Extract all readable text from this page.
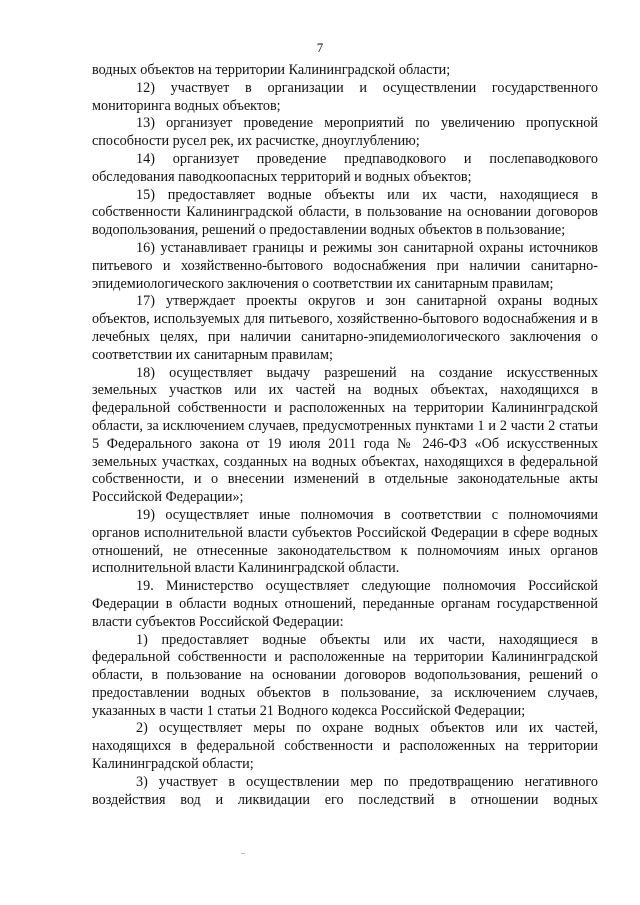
7

водных объектов на территории Калининградской области;

12) участвует в организации и осуществлении государственного мониторинга водных объектов;

13) организует проведение мероприятий по увеличению пропускной способности русел рек, их расчистке, дноуглублению;

14) организует проведение предпаводкового и послепаводкового обследования паводкоопасных территорий и водных объектов;

15) предоставляет водные объекты или их части, находящиеся в собственности Калининградской области, в пользование на основании договоров водопользования, решений о предоставлении водных объектов в пользование;

16) устанавливает границы и режимы зон санитарной охраны источников питьевого и хозяйственно-бытового водоснабжения при наличии санитарно-эпидемиологического заключения о соответствии их санитарным правилам;

17) утверждает проекты округов и зон санитарной охраны водных объектов, используемых для питьевого, хозяйственно-бытового водоснабжения и в лечебных целях, при наличии санитарно-эпидемиологического заключения о соответствии их санитарным правилам;

18) осуществляет выдачу разрешений на создание искусственных земельных участков или их частей на водных объектах, находящихся в федеральной собственности и расположенных на территории Калининградской области, за исключением случаев, предусмотренных пунктами 1 и 2 части 2 статьи 5 Федерального закона от 19 июля 2011 года № 246-ФЗ «Об искусственных земельных участках, созданных на водных объектах, находящихся в федеральной собственности, и о внесении изменений в отдельные законодательные акты Российской Федерации»;

19) осуществляет иные полномочия в соответствии с полномочиями органов исполнительной власти субъектов Российской Федерации в сфере водных отношений, не отнесенные законодательством к полномочиям иных органов исполнительной власти Калининградской области.

19. Министерство осуществляет следующие полномочия Российской Федерации в области водных отношений, переданные органам государственной власти субъектов Российской Федерации:

1) предоставляет водные объекты или их части, находящиеся в федеральной собственности и расположенные на территории Калининградской области, в пользование на основании договоров водопользования, решений о предоставлении водных объектов в пользование, за исключением случаев, указанных в части 1 статьи 21 Водного кодекса Российской Федерации;

2) осуществляет меры по охране водных объектов или их частей, находящихся в федеральной собственности и расположенных на территории Калининградской области;

3) участвует в осуществлении мер по предотвращению негативного воздействия вод и ликвидации его последствий в отношении водных
